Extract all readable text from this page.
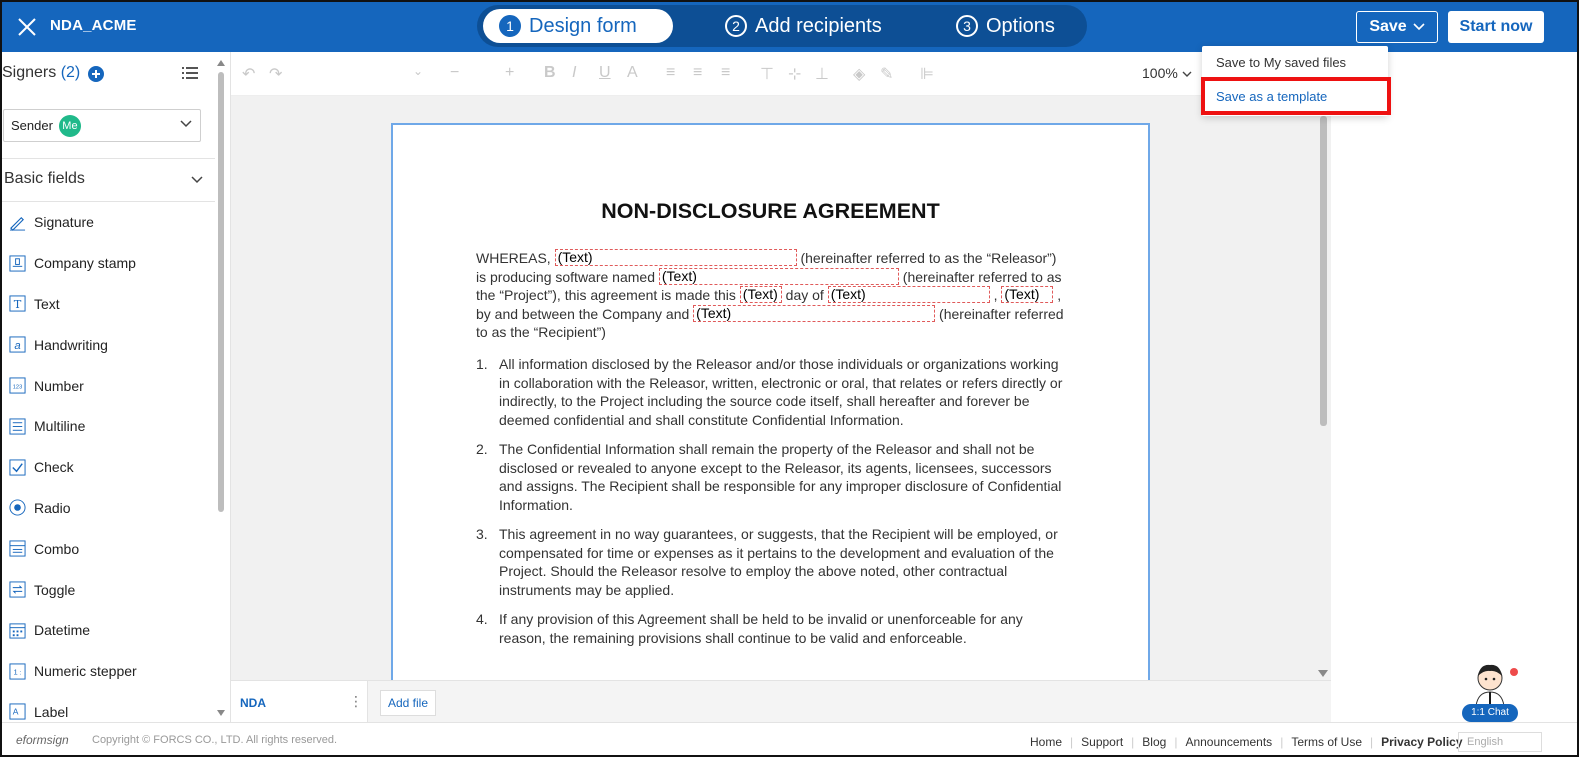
NDA_ACME	1 Design form	2 Add recipients	3 Options	Save	Start now
Signers (2)
Sender Me
Basic fields
Signature
Company stamp
T Text
a Handwriting
123 Number
Multiline
Check
Radio
Combo
Toggle
Datetime
1 : Numeric stepper
A Label
↶ ↷	⌄ −	+ B I U A ≡ ≡ ≡ ⊤ ⊹ ⊥ ◈ ✎ ⊫	100%
NON-DISCLOSURE AGREEMENT
WHEREAS, (Text)	(hereinafter referred to as the “Releasor”)
is producing software named (Text)	(hereinafter referred to as
the “Project”), this agreement is made this (Text) day of (Text)	, (Text) ,
by and between the Company and (Text)	(hereinafter referred
to as the “Recipient”)
1. All information disclosed by the Releasor and/or those individuals or organizations working in collaboration with the Releasor, written, electronic or oral, that relates or refers directly or indirectly, to the Project including the source code itself, shall hereafter and forever be deemed confidential and shall constitute Confidential Information.
2. The Confidential Information shall remain the property of the Releasor and shall not be disclosed or revealed to anyone except to the Releasor, its agents, licensees, successors and assigns. The Recipient shall be responsible for any improper disclosure of Confidential Information.
3. This agreement in no way guarantees, or suggests, that the Recipient will be employed, or compensated for time or expenses as it pertains to the development and evaluation of the Project. Should the Releasor resolve to employ the above noted, other contractual instruments may be applied.
4. If any provision of this Agreement shall be held to be invalid or unenforceable for any reason, the remaining provisions shall continue to be valid and enforceable.
NDA	⋮	Add file
eformsign Copyright © FORCS CO., LTD. All rights reserved.	Home | Support | Blog | Announcements | Terms of Use | Privacy Policy English
1:1 Chat
Save to My saved files
Save as a template
